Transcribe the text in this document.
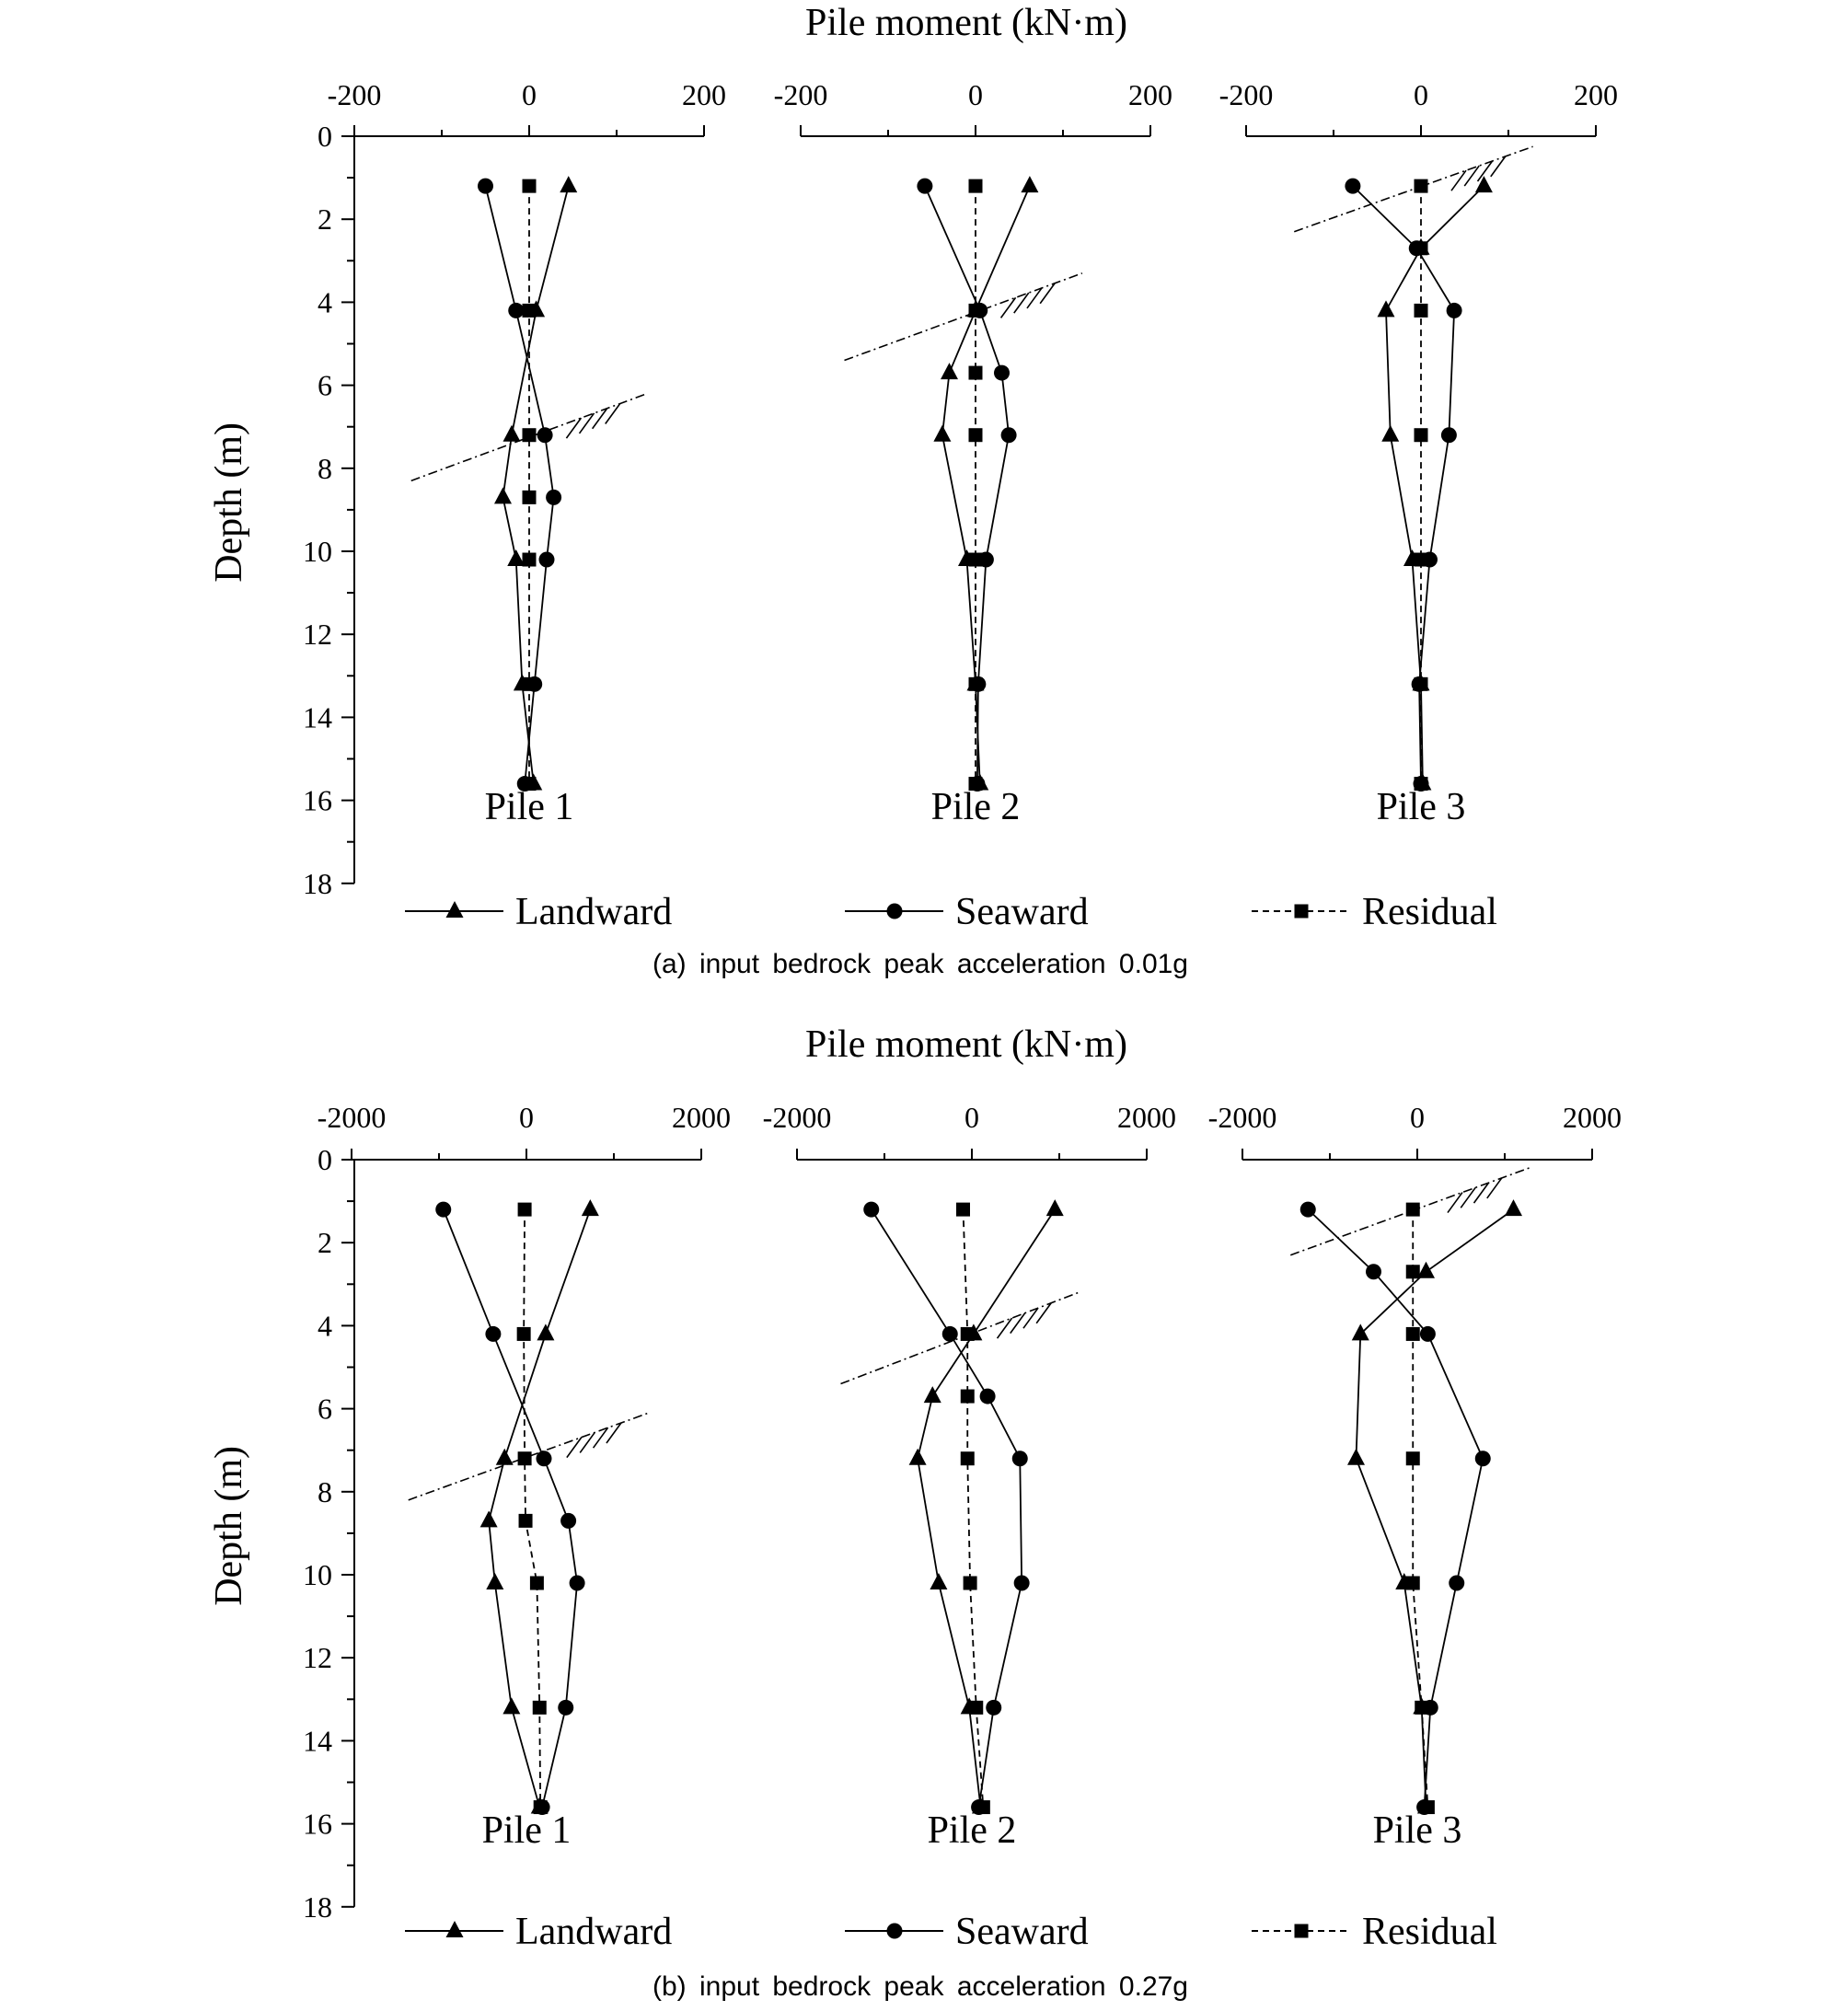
Pile moment (kN·m)
0
2
4
6
8
10
12
14
16
18
Depth (m)
-200	0	200
Pile 1
-200	0	200
Pile 2
-200	0	200
Pile 3
Landward	Seaward	Residual
(a) input bedrock peak acceleration 0.01g
Pile moment (kN·m)
0
2
4
6
8
10
12
14
16
18
Depth (m)
-2000	0	2000
Pile 1
-2000	0	2000
Pile 2
-2000	0	2000
Pile 3
Landward	Seaward	Residual
(b) input bedrock peak acceleration 0.27g
